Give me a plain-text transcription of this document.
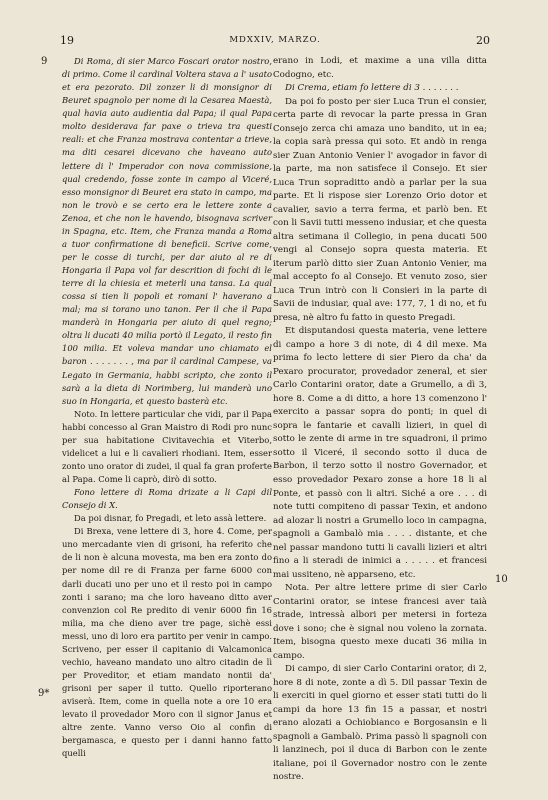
19	MDXXIV, MARZO.	20
9
9*
10

Di Roma, di sier Marco Foscari orator nostro, di primo. Come il cardinal Voltera stava a l' usato et era pezorato. Dil zonzer li di monsignor di Beuret spagnolo per nome di la Cesarea Maestà, qual havia auto audientia dal Papa; il qual Papa molto desiderava far paxe o trieva tra questi reali: et che Franza mostrava contentar a trieve, ma diti cesarei dicevano che haveano auto lettere di l' Imperador con nova commissione, qual credendo, fosse zonte in campo al Viceré, esso monsignor di Beuret era stato in campo, ma non le trovò e se certo era le lettere zonte a Zenoa, et che non le havendo, bisognava scriver in Spagna, etc. Item, che Franza manda a Roma a tuor confirmatione di beneficii. Scrive come, per le cosse di turchi, per dar aiuto al re di Hongaria il Papa vol far descrition di fochi di le terre di la chiesia et meterli una tansa. La qual cossa si tien li popoli et romani l' haverano a mal; ma si torano uno tanon. Per il che il Papa manderà in Hongaria per aiuto di quel regno; oltra li ducati 40 milia portò il Legato, il resto fin 100 milia. Et voleva mandar uno chiamato el baron . . . . . . . , ma par il cardinal Campese, va Legato in Germania, habbi scripto, che zonto il sarà a la dieta di Norimberg, lui manderà uno suo in Hongaria, et questo basterà etc.

Noto. In lettere particular che vidi, par il Papa habbi concesso al Gran Maistro di Rodi pro nunc per sua habitatione Civitavechia et Viterbo, videlicet a lui e li cavalieri rhodiani. Item, esser zonto uno orator di zudei, il qual fa gran proferte al Papa. Come li caprò, dirò di sotto.

Fono lettere di Roma drizate a li Capi dil Consejo di X.

Da poi disnar, fo Pregadi, et leto assà lettere.

Di Brexa, vene lettere di 3, hore 4. Come, per uno mercadante vien di grisoni, ha referito che de li non è alcuna movesta, ma ben era zonto do per nome dil re di Franza per farne 6000 con darli ducati uno per uno et il resto poi in campo zonti i sarano; ma che loro haveano ditto aver convenzion col Re predito di venir 6000 fin 16 milia, ma che dieno aver tre page, sichè essi messi, uno di loro era partito per venir in campo. Scriveno, per esser il capitanio di Valcamonica vechio, haveano mandato uno altro citadin de lì per Proveditor, et etiam mandato nontii da' grisoni per saper il tutto. Quello riporterano aviserà. Item, come in quella note a ore 10 era levato il provedador Moro con il signor Janus et altre zente. Vanno verso Oio al confin di bergamasca, e questo per i danni hanno fatto quelli

erano in Lodi, et maxime a una villa ditta Codogno, etc.

Di Crema, etiam fo lettere di 3 . . . . . . .

Da poi fo posto per sier Luca Trun el consier, certa parte di revocar la parte pressa in Gran Consejo zerca chi amaza uno bandito, ut in ea; la copia sarà pressa qui soto. Et andò in renga sier Zuan Antonio Venier l' avogador in favor di la parte, ma non satisfece il Consejo. Et sier Luca Trun sopraditto andò a parlar per la sua parte. Et li rispose sier Lorenzo Orio dotor et cavalier, savio a terra ferma, et parlò ben. Et con li Savii tutti messeno indusiar, et che questa altra setimana il Collegio, in pena ducati 500 vengi al Consejo sopra questa materia. Et iterum parlò ditto sier Zuan Antonio Venier, ma mal accepto fo al Consejo. Et venuto zoso, sier Luca Trun intrò con li Consieri in la parte di Savii de indusiar, qual ave: 177, 7, 1 di no, et fu presa, nè altro fu fatto in questo Pregadi.

Et disputandosi questa materia, vene lettere di campo a hore 3 di note, di 4 dil mexe. Ma prima fo lecto lettere di sier Piero da cha' da Pexaro procurator, provedador zeneral, et sier Carlo Contarini orator, date a Grumello, a dì 3, hore 8. Come a di ditto, a hore 13 comenzono l' exercito a passar sopra do ponti; in quel di sopra le fantarie et cavalli lizieri, in quel di sotto le zente di arme in tre squadroni, il primo sotto il Viceré, il secondo sotto il duca de Barbon, il terzo sotto il nostro Governador, et esso provedador Pexaro zonse a hore 18 li al Ponte, et passò con li altri. Siché a ore . . . di note tutti compiteno di passar Texin, et andono ad alozar li nostri a Grumello loco in campagna, spagnoli a Gambalò mia . . . . distante, et che nel passar mandono tutti li cavalli lizieri et altri fino a li steradi de inimici a . . . . . et francesi mai ussiteno, nè apparseno, etc.

Nota. Per altre lettere prime di sier Carlo Contarini orator, se intese francesi aver taià strade, intressà albori per metersi in forteza dove i sono; che è signal nou voleno la zornata. Item, bisogna questo mexe ducati 36 milia in campo.

Di campo, di sier Carlo Contarini orator, di 2, hore 8 di note, zonte a dì 5. Dil passar Texin de li exerciti in quel giorno et esser stati tutti do li campi da hore 13 fin 15 a passar, et nostri erano alozati a Ochiobianco e Borgosansin e li spagnoli a Gambalò. Prima passò li spagnoli con li lanzinech, poi il duca di Barbon con le zente italiane, poi il Governador nostro con le zente nostre.
